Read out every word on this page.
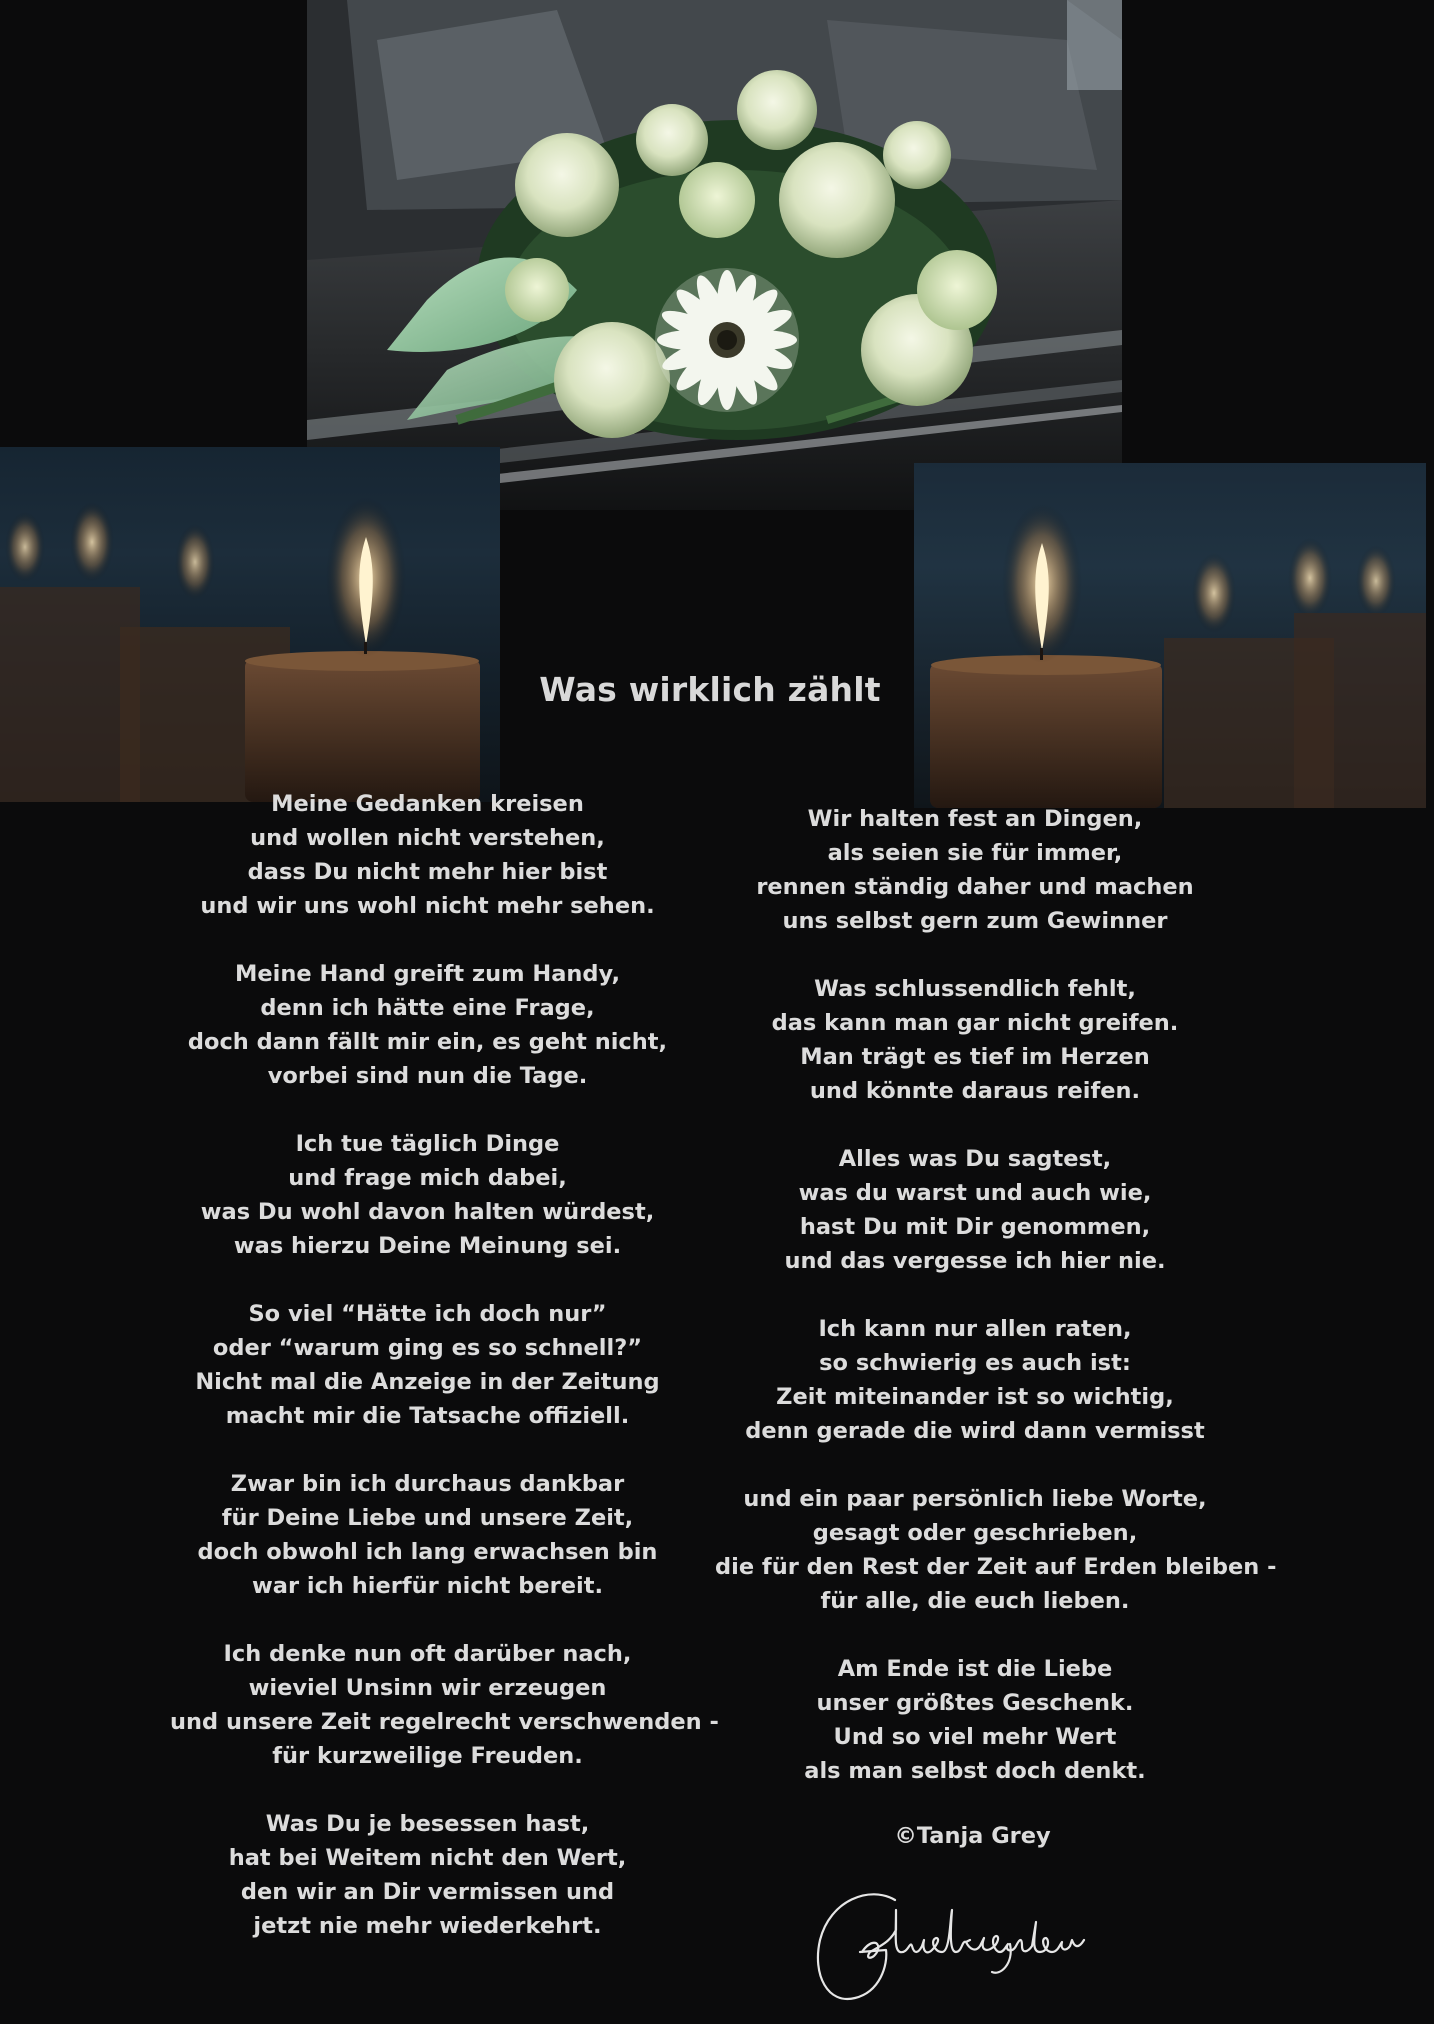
Was wirklich zählt
Meine Gedanken kreisen
und wollen nicht verstehen,
dass Du nicht mehr hier bist
und wir uns wohl nicht mehr sehen.
Meine Hand greift zum Handy,
denn ich hätte eine Frage,
doch dann fällt mir ein, es geht nicht,
vorbei sind nun die Tage.
Ich tue täglich Dinge
und frage mich dabei,
was Du wohl davon halten würdest,
was hierzu Deine Meinung sei.
So viel “Hätte ich doch nur”
oder “warum ging es so schnell?”
Nicht mal die Anzeige in der Zeitung
macht mir die Tatsache offiziell.
Zwar bin ich durchaus dankbar
für Deine Liebe und unsere Zeit,
doch obwohl ich lang erwachsen bin
war ich hierfür nicht bereit.
Ich denke nun oft darüber nach,
wieviel Unsinn wir erzeugen
und unsere Zeit regelrecht verschwenden -
für kurzweilige Freuden.
Was Du je besessen hast,
hat bei Weitem nicht den Wert,
den wir an Dir vermissen und
jetzt nie mehr wiederkehrt.
Wir halten fest an Dingen,
als seien sie für immer,
rennen ständig daher und machen
uns selbst gern zum Gewinner
Was schlussendlich fehlt,
das kann man gar nicht greifen.
Man trägt es tief im Herzen
und könnte daraus reifen.
Alles was Du sagtest,
was du warst und auch wie,
hast Du mit Dir genommen,
und das vergesse ich hier nie.
Ich kann nur allen raten,
so schwierig es auch ist:
Zeit miteinander ist so wichtig,
denn gerade die wird dann vermisst
und ein paar persönlich liebe Worte,
gesagt oder geschrieben,
die für den Rest der Zeit auf Erden bleiben -
für alle, die euch lieben.
Am Ende ist die Liebe
unser größtes Geschenk.
Und so viel mehr Wert
als man selbst doch denkt.
©Tanja Grey
